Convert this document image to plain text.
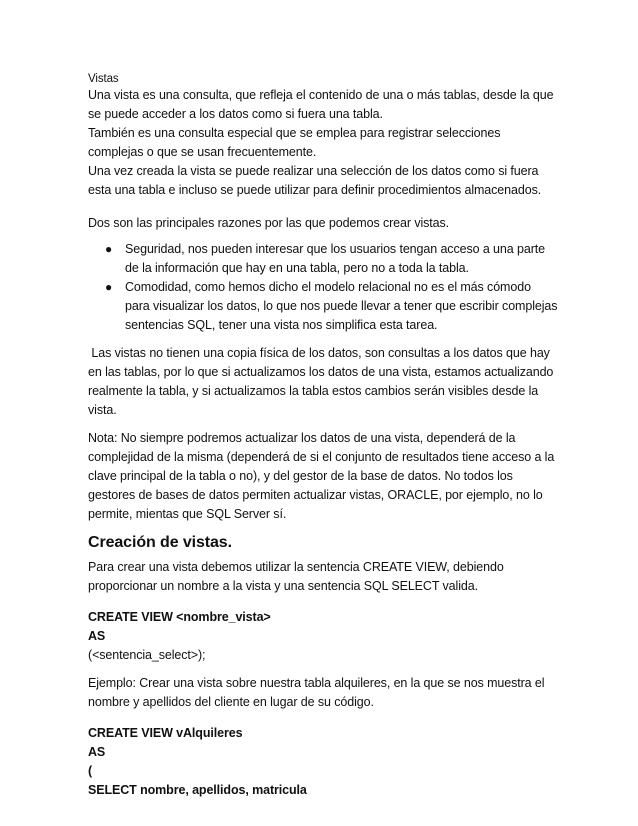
Vistas

Una vista es una consulta, que refleja el contenido de una o más tablas, desde la que se puede acceder a los datos como si fuera una tabla.

También es una consulta especial que se emplea para registrar selecciones complejas o que se usan frecuentemente.

Una vez creada la vista se puede realizar una selección de los datos como si fuera esta una tabla e incluso se puede utilizar para definir procedimientos almacenados.

Dos son las principales razones por las que podemos crear vistas.

● Seguridad, nos pueden interesar que los usuarios tengan acceso a una parte de la información que hay en una tabla, pero no a toda la tabla.
● Comodidad, como hemos dicho el modelo relacional no es el más cómodo para visualizar los datos, lo que nos puede llevar a tener que escribir complejas sentencias SQL, tener una vista nos simplifica esta tarea.

Las vistas no tienen una copia física de los datos, son consultas a los datos que hay en las tablas, por lo que si actualizamos los datos de una vista, estamos actualizando realmente la tabla, y si actualizamos la tabla estos cambios serán visibles desde la vista.

Nota: No siempre podremos actualizar los datos de una vista, dependerá de la complejidad de la misma (dependerá de si el conjunto de resultados tiene acceso a la clave principal de la tabla o no), y del gestor de la base de datos. No todos los gestores de bases de datos permiten actualizar vistas, ORACLE, por ejemplo, no lo permite, mientas que SQL Server sí.

Creación de vistas.

Para crear una vista debemos utilizar la sentencia CREATE VIEW, debiendo proporcionar un nombre a la vista y una sentencia SQL SELECT valida.

CREATE VIEW <nombre_vista>

AS

(<sentencia_select>);

Ejemplo: Crear una vista sobre nuestra tabla alquileres, en la que se nos muestra el nombre y apellidos del cliente en lugar de su código.

CREATE VIEW vAlquileres

AS

(

SELECT nombre, apellidos, matricula
